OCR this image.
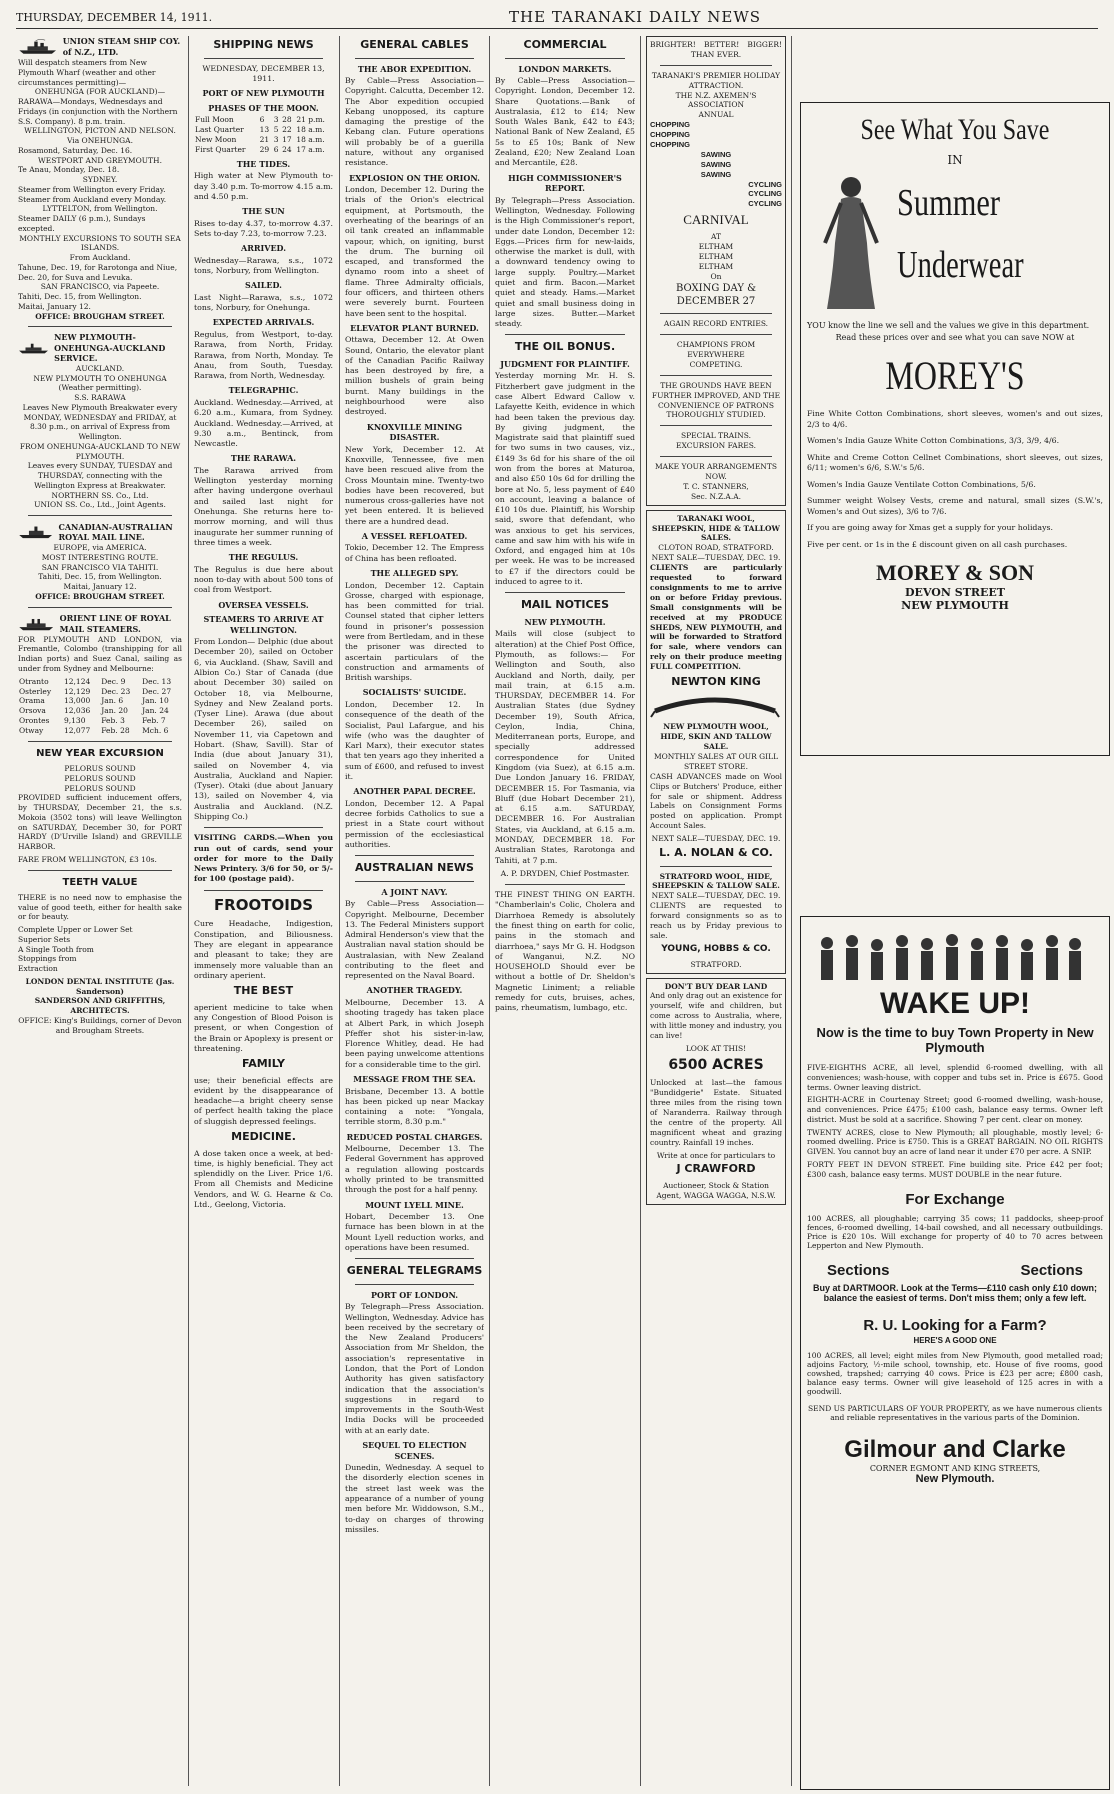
THURSDAY, DECEMBER 14, 1911.	THE TARANAKI DAILY NEWS
UNION STEAM SHIP COY. of N.Z., LTD.
Will despatch steamers from New Plymouth Wharf (weather and other circumstances permitting)—
ONEHUNGA (FOR AUCKLAND)—
RARAWA—Mondays, Wednesdays and Fridays (in conjunction with the Northern S.S. Company). 8 p.m. train.
WELLINGTON, PICTON AND NELSON. Via ONEHUNGA.
Rosamond, Saturday, Dec. 16.
WESTPORT AND GREYMOUTH.
Te Anau, Monday, Dec. 18.
SYDNEY.
Steamer from Wellington every Friday.
Steamer from Auckland every Monday.
LYTTELTON, from Wellington.
Steamer DAILY (6 p.m.), Sundays excepted.
MONTHLY EXCURSIONS TO SOUTH SEA ISLANDS.
From Auckland.
Tahune, Dec. 19, for Rarotonga and Niue, Dec. 20, for Suva and Levuka.
SAN FRANCISCO, via Papeete.
Tahiti, Dec. 15, from Wellington.
Maitai, January 12.
OFFICE: BROUGHAM STREET.
NEW PLYMOUTH-ONEHUNGA-AUCKLAND SERVICE.
AUCKLAND.
NEW PLYMOUTH TO ONEHUNGA (Weather permitting).
S.S. RARAWA
Leaves New Plymouth Breakwater every MONDAY, WEDNESDAY and FRIDAY, at 8.30 p.m., on arrival of Express from Wellington.
FROM ONEHUNGA-AUCKLAND TO NEW PLYMOUTH.
Leaves every SUNDAY, TUESDAY and THURSDAY, connecting with the Wellington Express at Breakwater.
NORTHERN SS. Co., Ltd.
UNION SS. Co., Ltd., Joint Agents.
CANADIAN-AUSTRALIAN ROYAL MAIL LINE.
EUROPE, via AMERICA.
MOST INTERESTING ROUTE.
SAN FRANCISCO VIA TAHITI.
Tahiti, Dec. 15, from Wellington.
Maitai, January 12.
OFFICE: BROUGHAM STREET.
ORIENT LINE OF ROYAL MAIL STEAMERS.
FOR PLYMOUTH AND LONDON, via Fremantle, Colombo (transhipping for all Indian ports) and Suez Canal, sailing as under from Sydney and Melbourne:
Otranto	12,124	Dec. 9	Dec. 13
Osterley	12,129	Dec. 23	Dec. 27
Orama	13,000	Jan. 6	Jan. 10
Orsova	12,036	Jan. 20	Jan. 24
Orontes	9,130	Feb. 3	Feb. 7
Otway	12,077	Feb. 28	Mch. 6
NEW YEAR EXCURSION
PELORUS SOUND
PELORUS SOUND
PELORUS SOUND
PROVIDED sufficient inducement offers, by THURSDAY, December 21, the s.s. Mokoia (3502 tons) will leave Wellington on SATURDAY, December 30, for PORT HARDY (D'Urville Island) and GREVILLE HARBOR.
FARE FROM WELLINGTON, £3 10s.
TEETH VALUE
THERE is no need now to emphasise the value of good teeth, either for health sake or for beauty.
Complete Upper or Lower Set
Superior Sets
A Single Tooth from
Stoppings from
Extraction
LONDON DENTAL INSTITUTE (Jas. Sanderson)
SANDERSON AND GRIFFITHS, ARCHITECTS.
OFFICE: King's Buildings, corner of Devon and Brougham Streets.
SHIPPING NEWS
WEDNESDAY, DECEMBER 13, 1911.
PORT OF NEW PLYMOUTH
PHASES OF THE MOON.
Full Moon	6	3	28	21 p.m.
Last Quarter	13	5	22	18 a.m.
New Moon	21	3	17	18 a.m.
First Quarter	29	6	24	17 a.m.
THE TIDES.
High water at New Plymouth to-day 3.40 p.m. To-morrow 4.15 a.m. and 4.50 p.m.
THE SUN
Rises to-day 4.37, to-morrow 4.37. Sets to-day 7.23, to-morrow 7.23.
ARRIVED.
Wednesday—Rarawa, s.s., 1072 tons, Norbury, from Wellington.
SAILED.
Last Night—Rarawa, s.s., 1072 tons, Norbury, for Onehunga.
EXPECTED ARRIVALS.
Regulus, from Westport, to-day. Rarawa, from North, Friday. Rarawa, from North, Monday. Te Anau, from South, Tuesday. Rarawa, from North, Wednesday.
TELEGRAPHIC.
Auckland. Wednesday.—Arrived, at 6.20 a.m., Kumara, from Sydney. Auckland. Wednesday.—Arrived, at 9.30 a.m., Bentinck, from Newcastle.
THE RARAWA.
The Rarawa arrived from Wellington yesterday morning after having undergone overhaul and sailed last night for Onehunga. She returns here to-morrow morning, and will thus inaugurate her summer running of three times a week.
THE REGULUS.
The Regulus is due here about noon to-day with about 500 tons of coal from Westport.
OVERSEA VESSELS.
STEAMERS TO ARRIVE AT WELLINGTON.
From London— Delphic (due about December 20), sailed on October 6, via Auckland. (Shaw, Savill and Albion Co.) Star of Canada (due about December 30) sailed on October 18, via Melbourne, Sydney and New Zealand ports. (Tyser Line). Arawa (due about December 26), sailed on November 11, via Capetown and Hobart. (Shaw, Savill). Star of India (due about January 31), sailed on November 4, via Australia, Auckland and Napier. (Tyser). Otaki (due about January 13), sailed on November 4, via Australia and Auckland. (N.Z. Shipping Co.)
VISITING CARDS.—When you run out of cards, send your order for more to the Daily News Printery. 3/6 for 50, or 5/- for 100 (postage paid).
FROOTOIDS
Cure Headache, Indigestion, Constipation, and Biliousness. They are elegant in appearance and pleasant to take; they are immensely more valuable than an ordinary aperient.
THE BEST
aperient medicine to take when any Congestion of Blood Poison is present, or when Congestion of the Brain or Apoplexy is present or threatening.
FAMILY
use; their beneficial effects are evident by the disappearance of headache—a bright cheery sense of perfect health taking the place of sluggish depressed feelings.
MEDICINE.
A dose taken once a week, at bed-time, is highly beneficial. They act splendidly on the Liver. Price 1/6. From all Chemists and Medicine Vendors, and W. G. Hearne & Co. Ltd., Geelong, Victoria.
GENERAL CABLES
THE ABOR EXPEDITION.
By Cable—Press Association—Copyright. Calcutta, December 12. The Abor expedition occupied Kebang unopposed, its capture damaging the prestige of the Kebang clan. Future operations will probably be of a guerilla nature, without any organised resistance.
EXPLOSION ON THE ORION.
London, December 12. During the trials of the Orion's electrical equipment, at Portsmouth, the overheating of the bearings of an oil tank created an inflammable vapour, which, on igniting, burst the drum. The burning oil escaped, and transformed the dynamo room into a sheet of flame. Three Admiralty officials, four officers, and thirteen others were severely burnt. Fourteen have been sent to the hospital.
ELEVATOR PLANT BURNED.
Ottawa, December 12. At Owen Sound, Ontario, the elevator plant of the Canadian Pacific Railway has been destroyed by fire, a million bushels of grain being burnt. Many buildings in the neighbourhood were also destroyed.
KNOXVILLE MINING DISASTER.
New York, December 12. At Knoxville, Tennessee, five men have been rescued alive from the Cross Mountain mine. Twenty-two bodies have been recovered, but numerous cross-galleries have not yet been entered. It is believed there are a hundred dead.
A VESSEL REFLOATED.
Tokio, December 12. The Empress of China has been refloated.
THE ALLEGED SPY.
London, December 12. Captain Grosse, charged with espionage, has been committed for trial. Counsel stated that cipher letters found in prisoner's possession were from Bertledam, and in these the prisoner was directed to ascertain particulars of the construction and armaments of British warships.
SOCIALISTS' SUICIDE.
London, December 12. In consequence of the death of the Socialist, Paul Lafargue, and his wife (who was the daughter of Karl Marx), their executor states that ten years ago they inherited a sum of £600, and refused to invest it.
ANOTHER PAPAL DECREE.
London, December 12. A Papal decree forbids Catholics to sue a priest in a State court without permission of the ecclesiastical authorities.
AUSTRALIAN NEWS
A JOINT NAVY.
By Cable—Press Association—Copyright. Melbourne, December 13. The Federal Ministers support Admiral Henderson's view that the Australian naval station should be Australasian, with New Zealand contributing to the fleet and represented on the Naval Board.
ANOTHER TRAGEDY.
Melbourne, December 13. A shooting tragedy has taken place at Albert Park, in which Joseph Pfeffer shot his sister-in-law, Florence Whitley, dead. He had been paying unwelcome attentions for a considerable time to the girl.
MESSAGE FROM THE SEA.
Brisbane, December 13. A bottle has been picked up near Mackay containing a note: "Yongala, terrible storm, 8.30 p.m."
REDUCED POSTAL CHARGES.
Melbourne, December 13. The Federal Government has approved a regulation allowing postcards wholly printed to be transmitted through the post for a half penny.
MOUNT LYELL MINE.
Hobart, December 13. One furnace has been blown in at the Mount Lyell reduction works, and operations have been resumed.
GENERAL TELEGRAMS
PORT OF LONDON.
By Telegraph—Press Association. Wellington, Wednesday. Advice has been received by the secretary of the New Zealand Producers' Association from Mr Sheldon, the association's representative in London, that the Port of London Authority has given satisfactory indication that the association's suggestions in regard to improvements in the South-West India Docks will be proceeded with at an early date.
SEQUEL TO ELECTION SCENES.
Dunedin, Wednesday. A sequel to the disorderly election scenes in the street last week was the appearance of a number of young men before Mr. Widdowson, S.M., to-day on charges of throwing missiles.
COMMERCIAL
LONDON MARKETS.
By Cable—Press Association—Copyright. London, December 12. Share Quotations.—Bank of Australasia, £12 to £14; New South Wales Bank, £42 to £43; National Bank of New Zealand, £5 5s to £5 10s; Bank of New Zealand, £20; New Zealand Loan and Mercantile, £28.
HIGH COMMISSIONER'S REPORT.
By Telegraph—Press Association. Wellington, Wednesday. Following is the High Commissioner's report, under date London, December 12: Eggs.—Prices firm for new-laids, otherwise the market is dull, with a downward tendency owing to large supply. Poultry.—Market quiet and firm. Bacon.—Market quiet and steady. Hams.—Market quiet and small business doing in large sizes. Butter.—Market steady.
THE OIL BONUS.
JUDGMENT FOR PLAINTIFF.
Yesterday morning Mr. H. S. Fitzherbert gave judgment in the case Albert Edward Callow v. Lafayette Keith, evidence in which had been taken the previous day. By giving judgment, the Magistrate said that plaintiff sued for two sums in two causes, viz., £149 3s 6d for his share of the oil won from the bores at Maturoa, and also £50 10s 6d for drilling the bore at No. 5, less payment of £40 on account, leaving a balance of £10 10s due. Plaintiff, his Worship said, swore that defendant, who was anxious to get his services, came and saw him with his wife in Oxford, and engaged him at 10s per week. He was to be increased to £7 if the directors could be induced to agree to it.
MAIL NOTICES
NEW PLYMOUTH.
Mails will close (subject to alteration) at the Chief Post Office, Plymouth, as follows:— For Wellington and South, also Auckland and North, daily, per mail train, at 6.15 a.m. THURSDAY, DECEMBER 14. For Australian States (due Sydney December 19), South Africa, Ceylon, India, China, Mediterranean ports, Europe, and specially addressed correspondence for United Kingdom (via Suez), at 6.15 a.m. Due London January 16. FRIDAY, DECEMBER 15. For Tasmania, via Bluff (due Hobart December 21), at 6.15 a.m. SATURDAY, DECEMBER 16. For Australian States, via Auckland, at 6.15 a.m. MONDAY, DECEMBER 18. For Australian States, Rarotonga and Tahiti, at 7 p.m.
A. P. DRYDEN, Chief Postmaster.
THE FINEST THING ON EARTH. "Chamberlain's Colic, Cholera and Diarrhoea Remedy is absolutely the finest thing on earth for colic, pains in the stomach and diarrhoea," says Mr G. H. Hodgson of Wanganui, N.Z. NO HOUSEHOLD Should ever be without a bottle of Dr. Sheldon's Magnetic Liniment; a reliable remedy for cuts, bruises, aches, pains, rheumatism, lumbago, etc.
BRIGHTER! BETTER! BIGGER!
THAN EVER.
TARANAKI'S PREMIER HOLIDAY
ATTRACTION.
THE N.Z. AXEMEN'S ASSOCIATION
ANNUAL
CHOPPING
CHOPPING
CHOPPING
SAWING
SAWING
SAWING
CYCLING
CYCLING
CYCLING
CARNIVAL
AT
ELTHAM
ELTHAM
ELTHAM
On
BOXING DAY & DECEMBER 27
AGAIN RECORD ENTRIES.
CHAMPIONS FROM EVERYWHERE
COMPETING.
THE GROUNDS HAVE BEEN FURTHER IMPROVED, AND THE CONVENIENCE OF PATRONS THOROUGHLY STUDIED.
SPECIAL TRAINS.
EXCURSION FARES.
MAKE YOUR ARRANGEMENTS NOW.
T. C. STANNERS,
Sec. N.Z.A.A.
TARANAKI WOOL, SHEEPSKIN, HIDE & TALLOW SALES.
CLOTON ROAD, STRATFORD.
NEXT SALE—TUESDAY, DEC. 19.
CLIENTS are particularly requested to forward consignments to me to arrive on or before Friday previous. Small consignments will be received at my PRODUCE SHEDS, NEW PLYMOUTH, and will be forwarded to Stratford for sale, where vendors can rely on their produce meeting FULL COMPETITION.
NEWTON KING
NEW PLYMOUTH WOOL, HIDE, SKIN AND TALLOW SALE.
MONTHLY SALES AT OUR GILL STREET STORE.
CASH ADVANCES made on Wool Clips or Butchers' Produce, either for sale or shipment. Address Labels on Consignment Forms posted on application. Prompt Account Sales.
NEXT SALE—TUESDAY, DEC. 19.
L. A. NOLAN & CO.
STRATFORD WOOL, HIDE, SHEEPSKIN & TALLOW SALE.
NEXT SALE—TUESDAY, DEC. 19.
CLIENTS are requested to forward consignments so as to reach us by Friday previous to sale.
YOUNG, HOBBS & CO.
STRATFORD.
DON'T BUY DEAR LAND
And only drag out an existence for yourself, wife and children, but come across to Australia, where, with little money and industry, you can live!
LOOK AT THIS!
6500 ACRES
Unlocked at last—the famous "Bundidgerie" Estate. Situated three miles from the rising town of Naranderra. Railway through the centre of the property. All magnificent wheat and grazing country. Rainfall 19 inches.
Write at once for particulars to
J CRAWFORD
Auctioneer, Stock & Station Agent, WAGGA WAGGA, N.S.W.
See What You Save
IN
Summer
Underwear
YOU know the line we sell and the values we give in this department.
Read these prices over and see what you can save NOW at
MOREY'S
Fine White Cotton Combinations, short sleeves, women's and out sizes, 2/3 to 4/6.
Women's India Gauze White Cotton Combinations, 3/3, 3/9, 4/6.
White and Creme Cotton Cellnet Combinations, short sleeves, out sizes, 6/11; women's 6/6, S.W.'s 5/6.
Women's India Gauze Ventilate Cotton Combinations, 5/6.
Summer weight Wolsey Vests, creme and natural, small sizes (S.W.'s, Women's and Out sizes), 3/6 to 7/6.
If you are going away for Xmas get a supply for your holidays.
Five per cent. or 1s in the £ discount given on all cash purchases.
MOREY & SON
DEVON STREET
NEW PLYMOUTH
WAKE UP!
Now is the time to buy Town Property in New Plymouth
FIVE-EIGHTHS ACRE, all level, splendid 6-roomed dwelling, with all conveniences; wash-house, with copper and tubs set in. Price is £675. Good terms. Owner leaving district.
EIGHTH-ACRE in Courtenay Street; good 6-roomed dwelling, wash-house, and conveniences. Price £475; £100 cash, balance easy terms. Owner left district. Must be sold at a sacrifice. Showing 7 per cent. clear on money.
TWENTY ACRES, close to New Plymouth; all ploughable, mostly level; 6-roomed dwelling. Price is £750. This is a GREAT BARGAIN. NO OIL RIGHTS GIVEN. You cannot buy an acre of land near it under £70 per acre. A SNIP.
FORTY FEET IN DEVON STREET. Fine building site. Price £42 per foot; £300 cash, balance easy terms. MUST DOUBLE in the near future.
For Exchange
100 ACRES, all ploughable; carrying 35 cows; 11 paddocks, sheep-proof fences, 6-roomed dwelling, 14-bail cowshed, and all necessary outbuildings. Price is £20 10s. Will exchange for property of 40 to 70 acres between Lepperton and New Plymouth.
Sections	Sections
Buy at DARTMOOR. Look at the Terms—£110 cash only £10 down; balance the easiest of terms. Don't miss them; only a few left.
R. U. Looking for a Farm?
HERE'S A GOOD ONE
100 ACRES, all level; eight miles from New Plymouth, good metalled road; adjoins Factory, ½-mile school, township, etc. House of five rooms, good cowshed, trapshed; carrying 40 cows. Price is £23 per acre; £800 cash, balance easy terms. Owner will give leasehold of 125 acres in with a goodwill.
SEND US PARTICULARS OF YOUR PROPERTY, as we have numerous clients and reliable representatives in the various parts of the Dominion.
Gilmour and Clarke
CORNER EGMONT AND KING STREETS,
New Plymouth.
